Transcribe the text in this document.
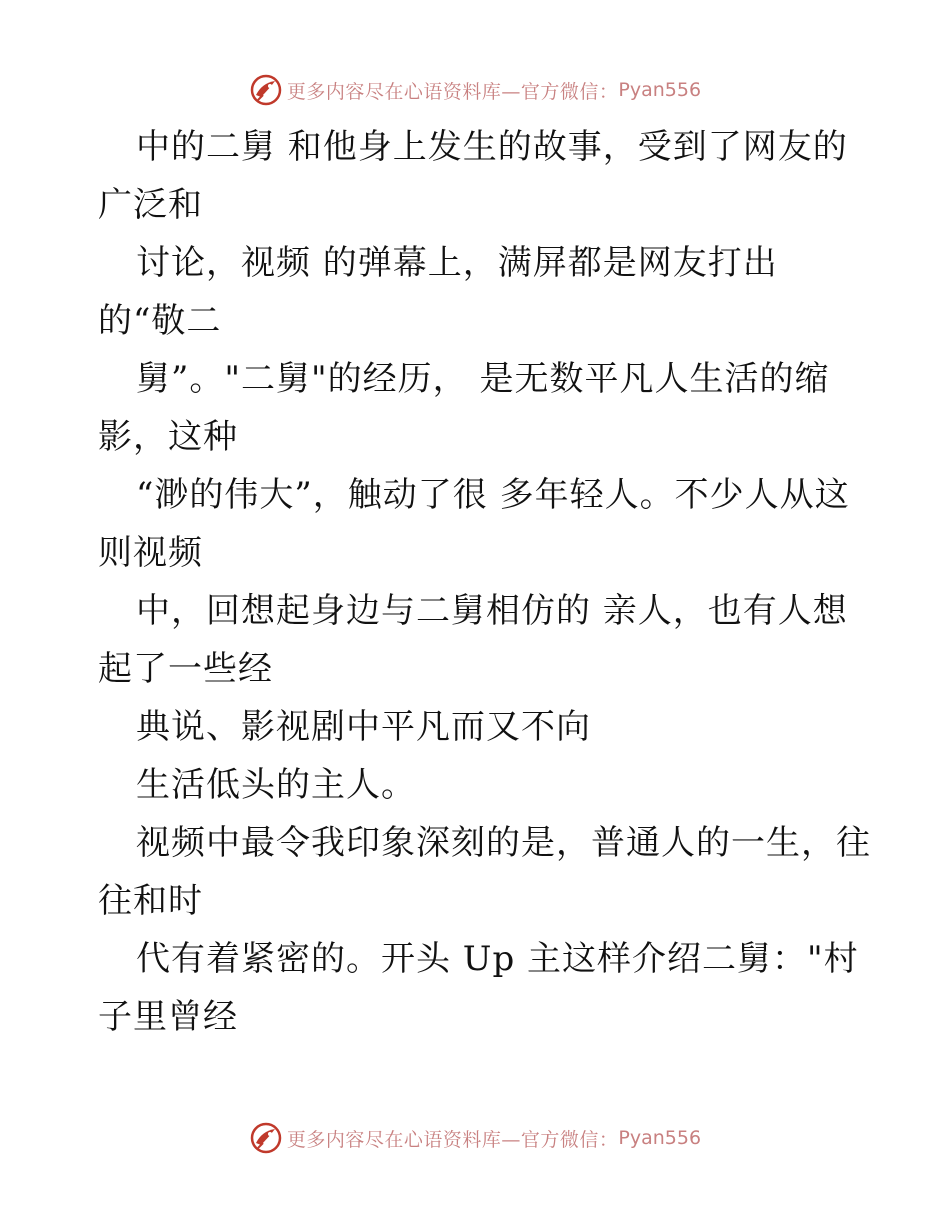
更多内容尽在心语资料库—官方微信： Pyan556
中的二舅 和他身上发生的故事，受到了网友的
广泛和
讨论，视频 的弹幕上，满屏都是网友打出
的“敬二
舅”。"二舅"的经历， 是无数平凡人生活的缩
影，这种
“渺的伟大”，触动了很 多年轻人。不少人从这
则视频
中，回想起身边与二舅相仿的 亲人，也有人想
起了一些经
典说、影视剧中平凡而又不向
生活低头的主人。
视频中最令我印象深刻的是，普通人的一生，往
往和时
代有着紧密的。开头 Up 主这样介绍二舅："村
子里曾经
更多内容尽在心语资料库—官方微信： Pyan556
